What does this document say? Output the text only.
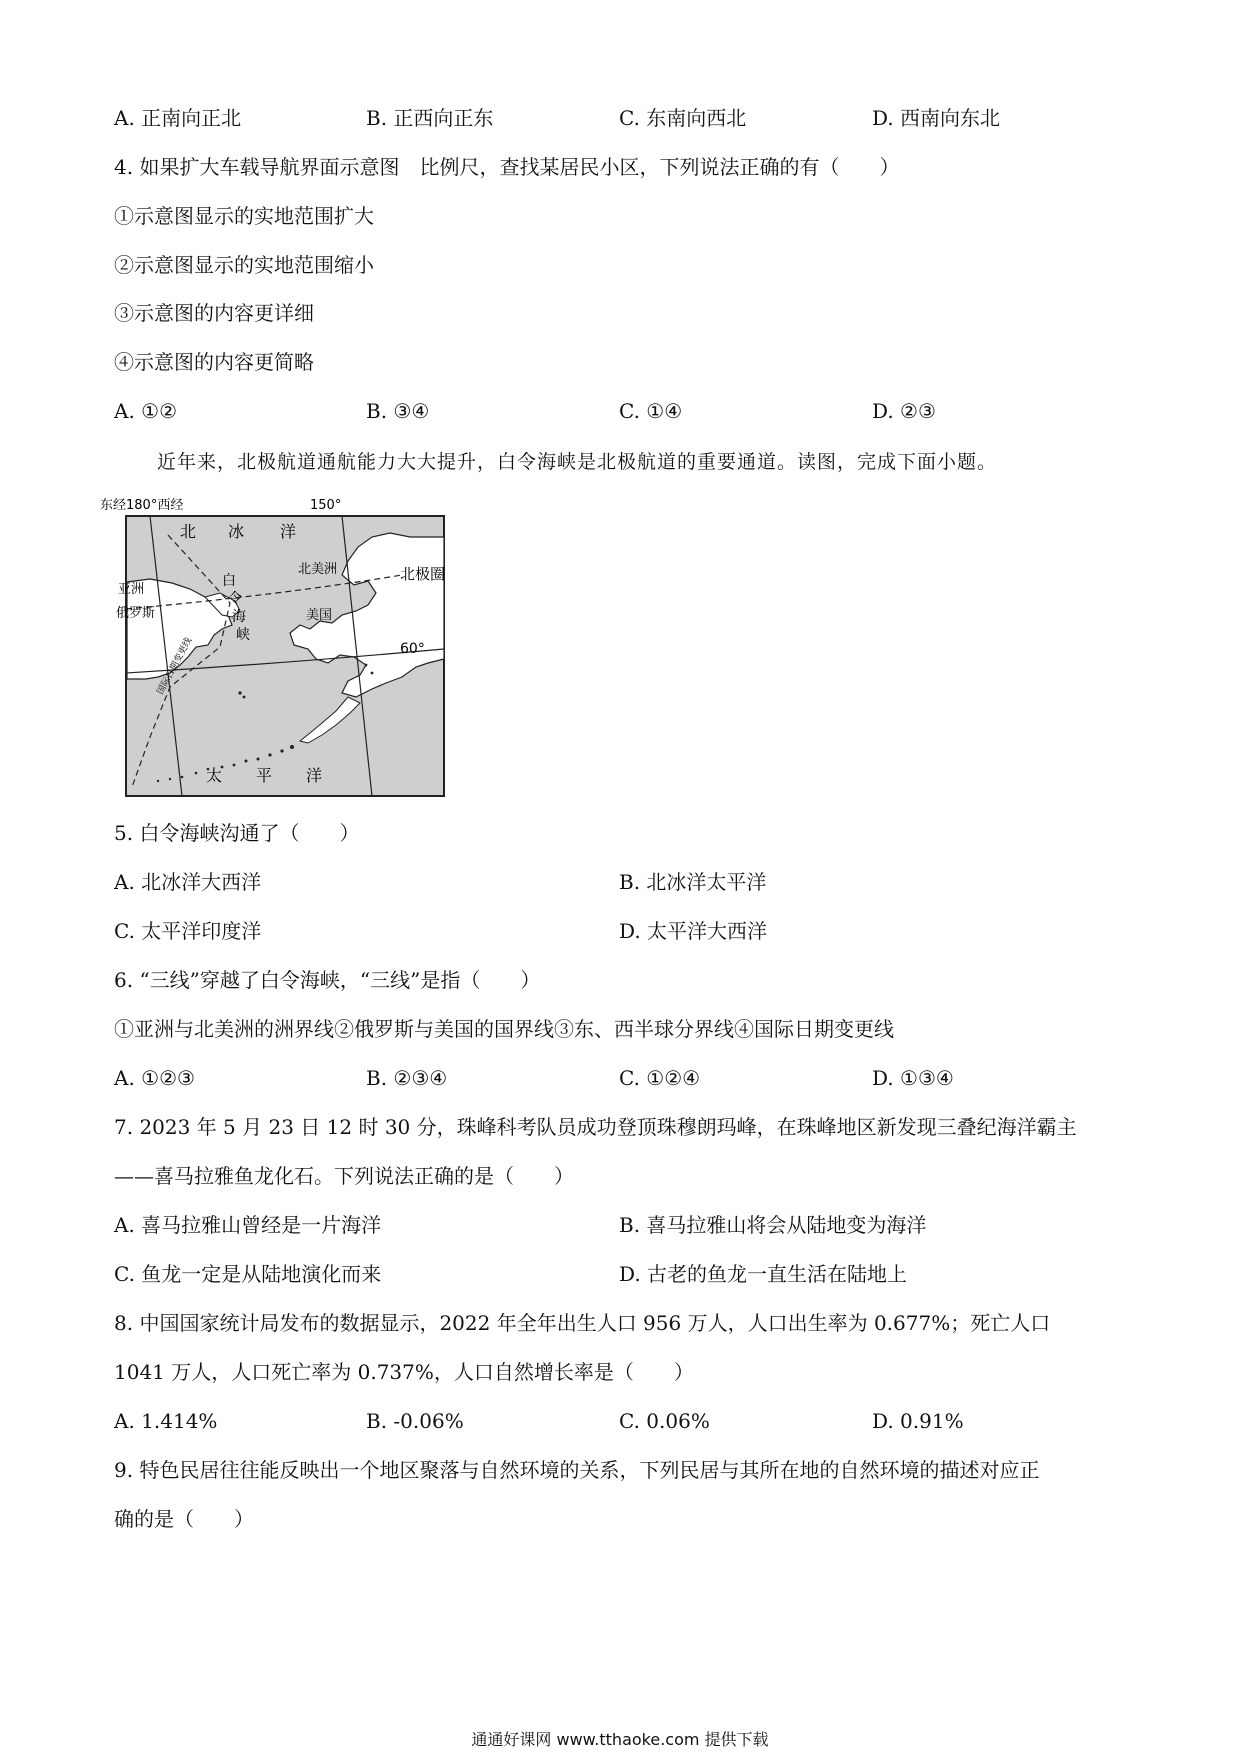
A. 正南向正北	B. 正西向正东	C. 东南向西北	D. 西南向东北
4. 如果扩大车载导航界面示意图　比例尺，查找某居民小区，下列说法正确的有（　　）
①示意图显示的实地范围扩大
②示意图显示的实地范围缩小
③示意图的内容更详细
④示意图的内容更简略
A. ①②	B. ③④	C. ①④	D. ②③
近年来，北极航道通航能力大大提升，白令海峡是北极航道的重要通道。读图，完成下面小题。
东经180°西经	150°
北 冰 洋
北美洲	北极圈
亚洲
俄罗斯
白
令
海
峡
美国
60°
国际日期变更线
太 平 洋
5. 白令海峡沟通了（　　）
A. 北冰洋大西洋	B. 北冰洋太平洋
C. 太平洋印度洋	D. 太平洋大西洋
6. “三线”穿越了白令海峡，“三线”是指（　　）
①亚洲与北美洲的洲界线②俄罗斯与美国的国界线③东、西半球分界线④国际日期变更线
A. ①②③	B. ②③④	C. ①②④	D. ①③④
7. 2023 年 5 月 23 日 12 时 30 分，珠峰科考队员成功登顶珠穆朗玛峰，在珠峰地区新发现三叠纪海洋霸主
——喜马拉雅鱼龙化石。下列说法正确的是（　　）
A. 喜马拉雅山曾经是一片海洋	B. 喜马拉雅山将会从陆地变为海洋
C. 鱼龙一定是从陆地演化而来	D. 古老的鱼龙一直生活在陆地上
8. 中国国家统计局发布的数据显示，2022 年全年出生人口 956 万人，人口出生率为 0.677%；死亡人口
1041 万人，人口死亡率为 0.737%，人口自然增长率是（　　）
A. 1.414%	B. -0.06%	C. 0.06%	D. 0.91%
9. 特色民居往往能反映出一个地区聚落与自然环境的关系，下列民居与其所在地的自然环境的描述对应正
确的是（　　）
通通好课网 www.tthaoke.com 提供下载
